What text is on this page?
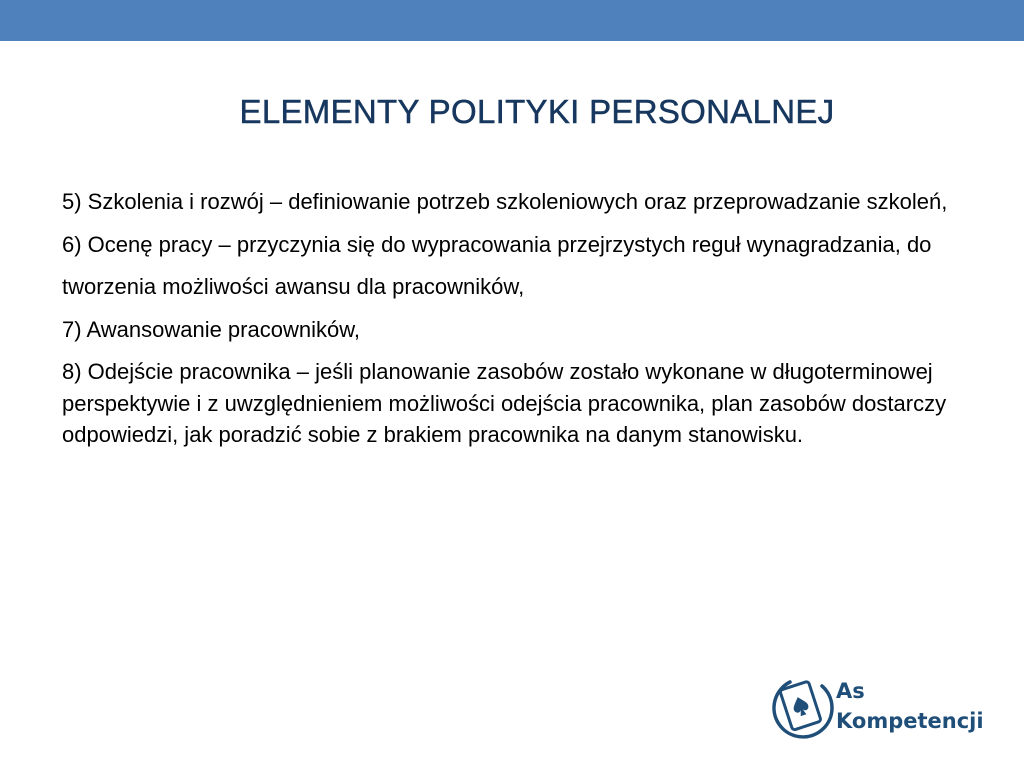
ELEMENTY POLITYKI PERSONALNEJ

5) Szkolenia i rozwój – definiowanie potrzeb szkoleniowych oraz przeprowadzanie szkoleń,

6) Ocenę pracy – przyczynia się do wypracowania przejrzystych reguł wynagradzania, do

tworzenia możliwości awansu dla pracowników,

7) Awansowanie pracowników,

8) Odejście pracownika – jeśli planowanie zasobów zostało wykonane w długoterminowej perspektywie i z uwzględnieniem możliwości odejścia pracownika, plan zasobów dostarczy odpowiedzi, jak poradzić sobie z brakiem pracownika na danym stanowisku.

As
Kompetencji
